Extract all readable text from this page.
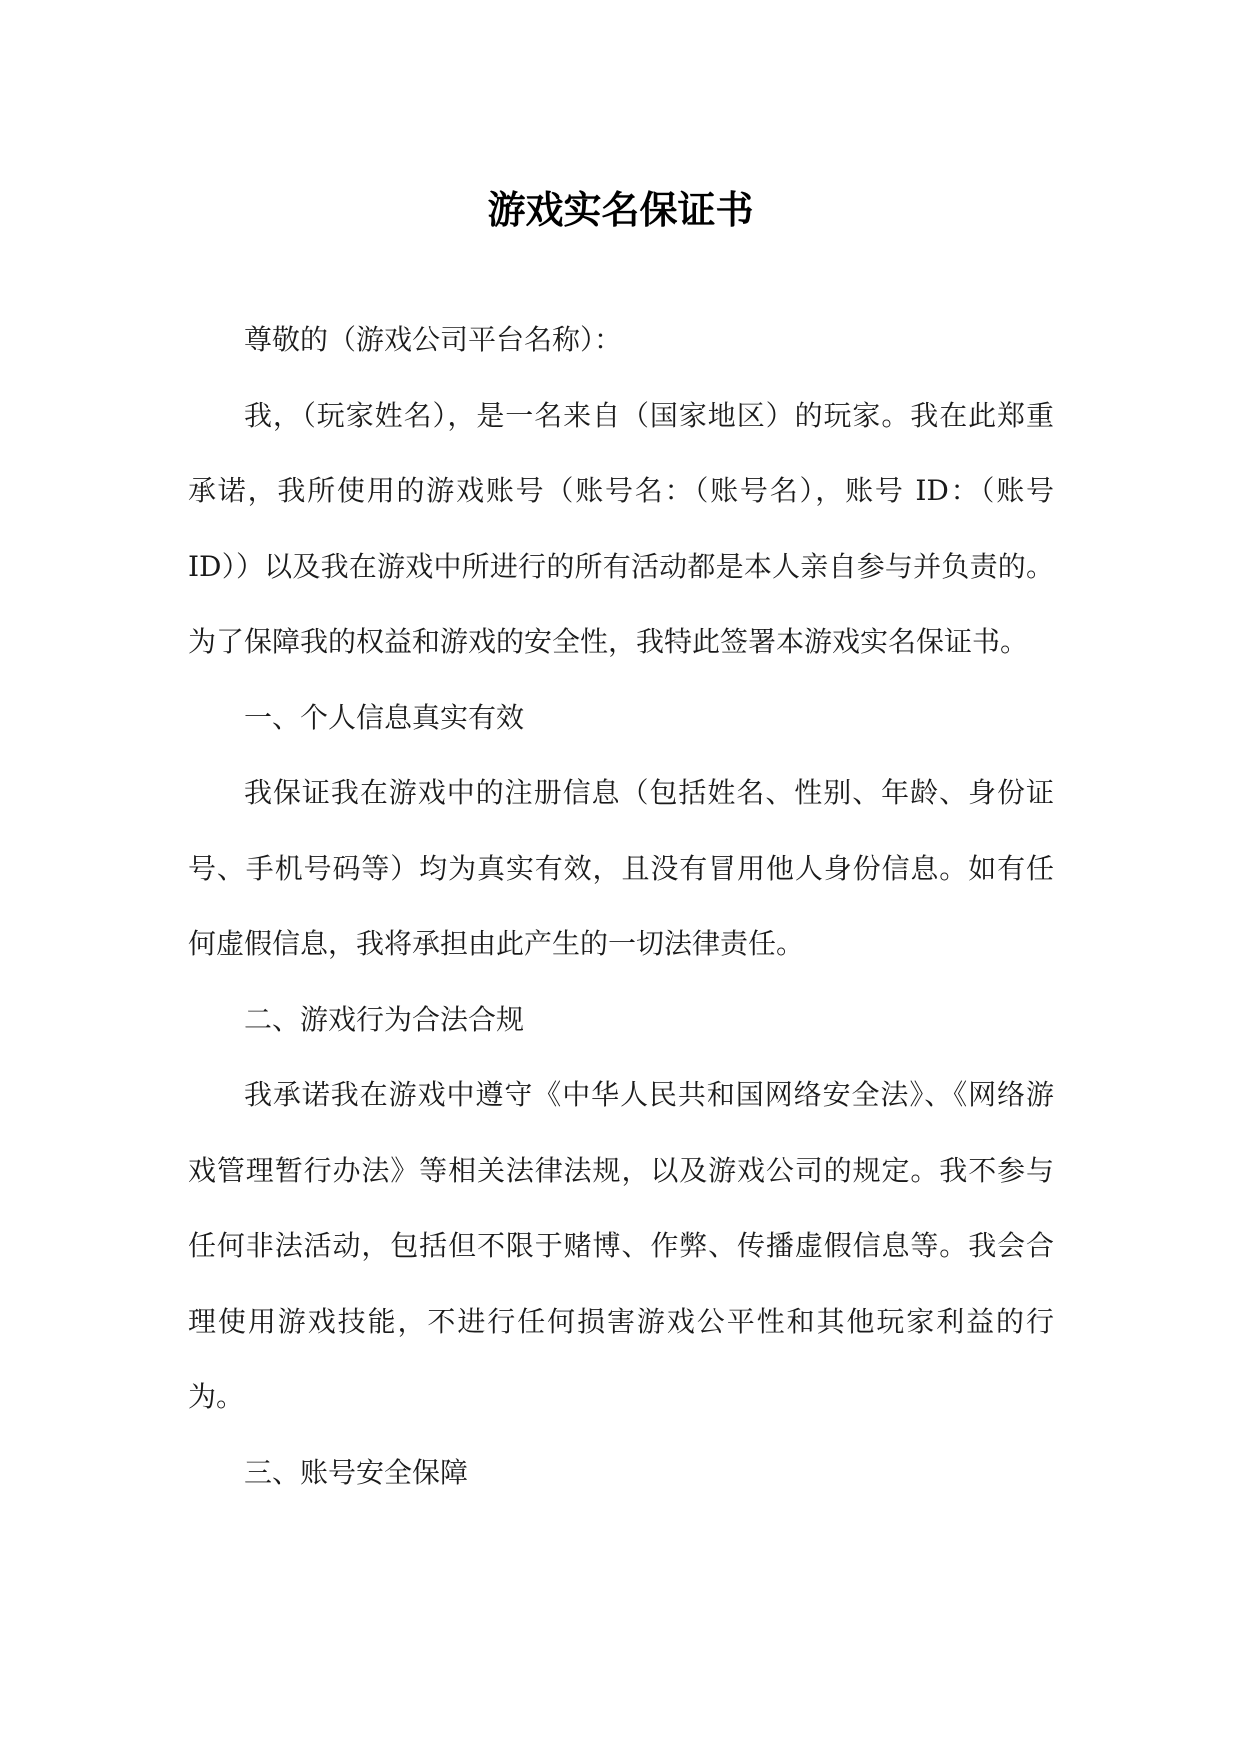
游戏实名保证书

尊敬的（游戏公司平台名称）：

我，（玩家姓名），是一名来自（国家地区）的玩家。我在此郑重承诺，我所使用的游戏账号（账号名：（账号名），账号 ID：（账号 ID））以及我在游戏中所进行的所有活动都是本人亲自参与并负责的。为了保障我的权益和游戏的安全性，我特此签署本游戏实名保证书。

一、个人信息真实有效

我保证我在游戏中的注册信息（包括姓名、性别、年龄、身份证号、手机号码等）均为真实有效，且没有冒用他人身份信息。如有任何虚假信息，我将承担由此产生的一切法律责任。

二、游戏行为合法合规

我承诺我在游戏中遵守《中华人民共和国网络安全法》、《网络游戏管理暂行办法》等相关法律法规，以及游戏公司的规定。我不参与任何非法活动，包括但不限于赌博、作弊、传播虚假信息等。我会合理使用游戏技能，不进行任何损害游戏公平性和其他玩家利益的行为。

三、账号安全保障
